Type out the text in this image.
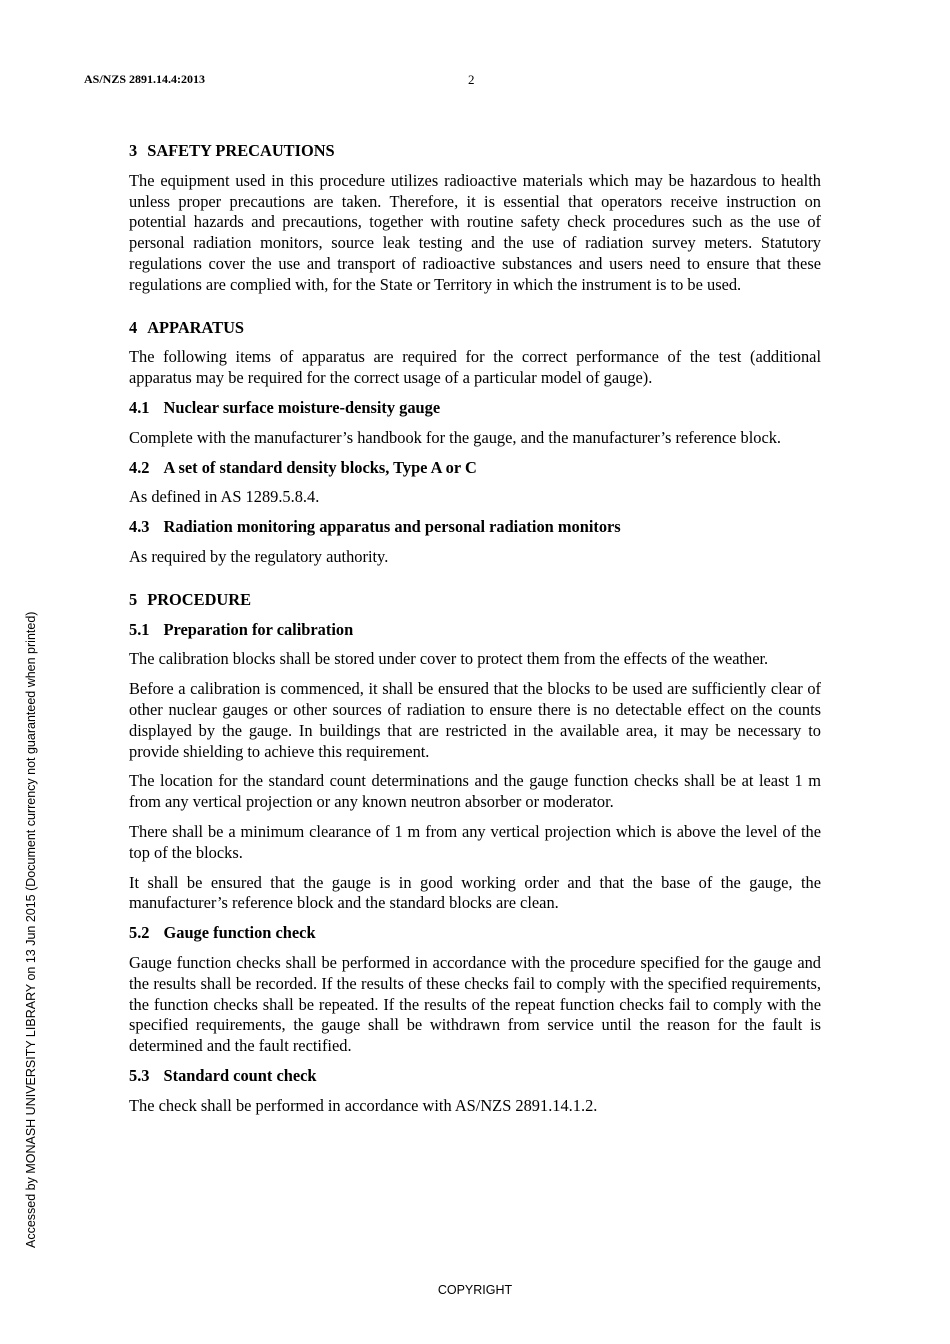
AS/NZS 2891.14.4:2013	2
Accessed by MONASH UNIVERSITY LIBRARY on 13 Jun 2015 (Document currency not guaranteed when printed)
3 SAFETY PRECAUTIONS

The equipment used in this procedure utilizes radioactive materials which may be hazardous to health unless proper precautions are taken. Therefore, it is essential that operators receive instruction on potential hazards and precautions, together with routine safety check procedures such as the use of personal radiation monitors, source leak testing and the use of radiation survey meters. Statutory regulations cover the use and transport of radioactive substances and users need to ensure that these regulations are complied with, for the State or Territory in which the instrument is to be used.

4 APPARATUS

The following items of apparatus are required for the correct performance of the test (additional apparatus may be required for the correct usage of a particular model of gauge).

4.1 Nuclear surface moisture-density gauge

Complete with the manufacturer’s handbook for the gauge, and the manufacturer’s reference block.

4.2 A set of standard density blocks, Type A or C

As defined in AS 1289.5.8.4.

4.3 Radiation monitoring apparatus and personal radiation monitors

As required by the regulatory authority.

5 PROCEDURE
5.1 Preparation for calibration

The calibration blocks shall be stored under cover to protect them from the effects of the weather.

Before a calibration is commenced, it shall be ensured that the blocks to be used are sufficiently clear of other nuclear gauges or other sources of radiation to ensure there is no detectable effect on the counts displayed by the gauge. In buildings that are restricted in the available area, it may be necessary to provide shielding to achieve this requirement.

The location for the standard count determinations and the gauge function checks shall be at least 1 m from any vertical projection or any known neutron absorber or moderator.

There shall be a minimum clearance of 1 m from any vertical projection which is above the level of the top of the blocks.

It shall be ensured that the gauge is in good working order and that the base of the gauge, the manufacturer’s reference block and the standard blocks are clean.

5.2 Gauge function check

Gauge function checks shall be performed in accordance with the procedure specified for the gauge and the results shall be recorded. If the results of these checks fail to comply with the specified requirements, the function checks shall be repeated. If the results of the repeat function checks fail to comply with the specified requirements, the gauge shall be withdrawn from service until the reason for the fault is determined and the fault rectified.

5.3 Standard count check

The check shall be performed in accordance with AS/NZS 2891.14.1.2.

COPYRIGHT
